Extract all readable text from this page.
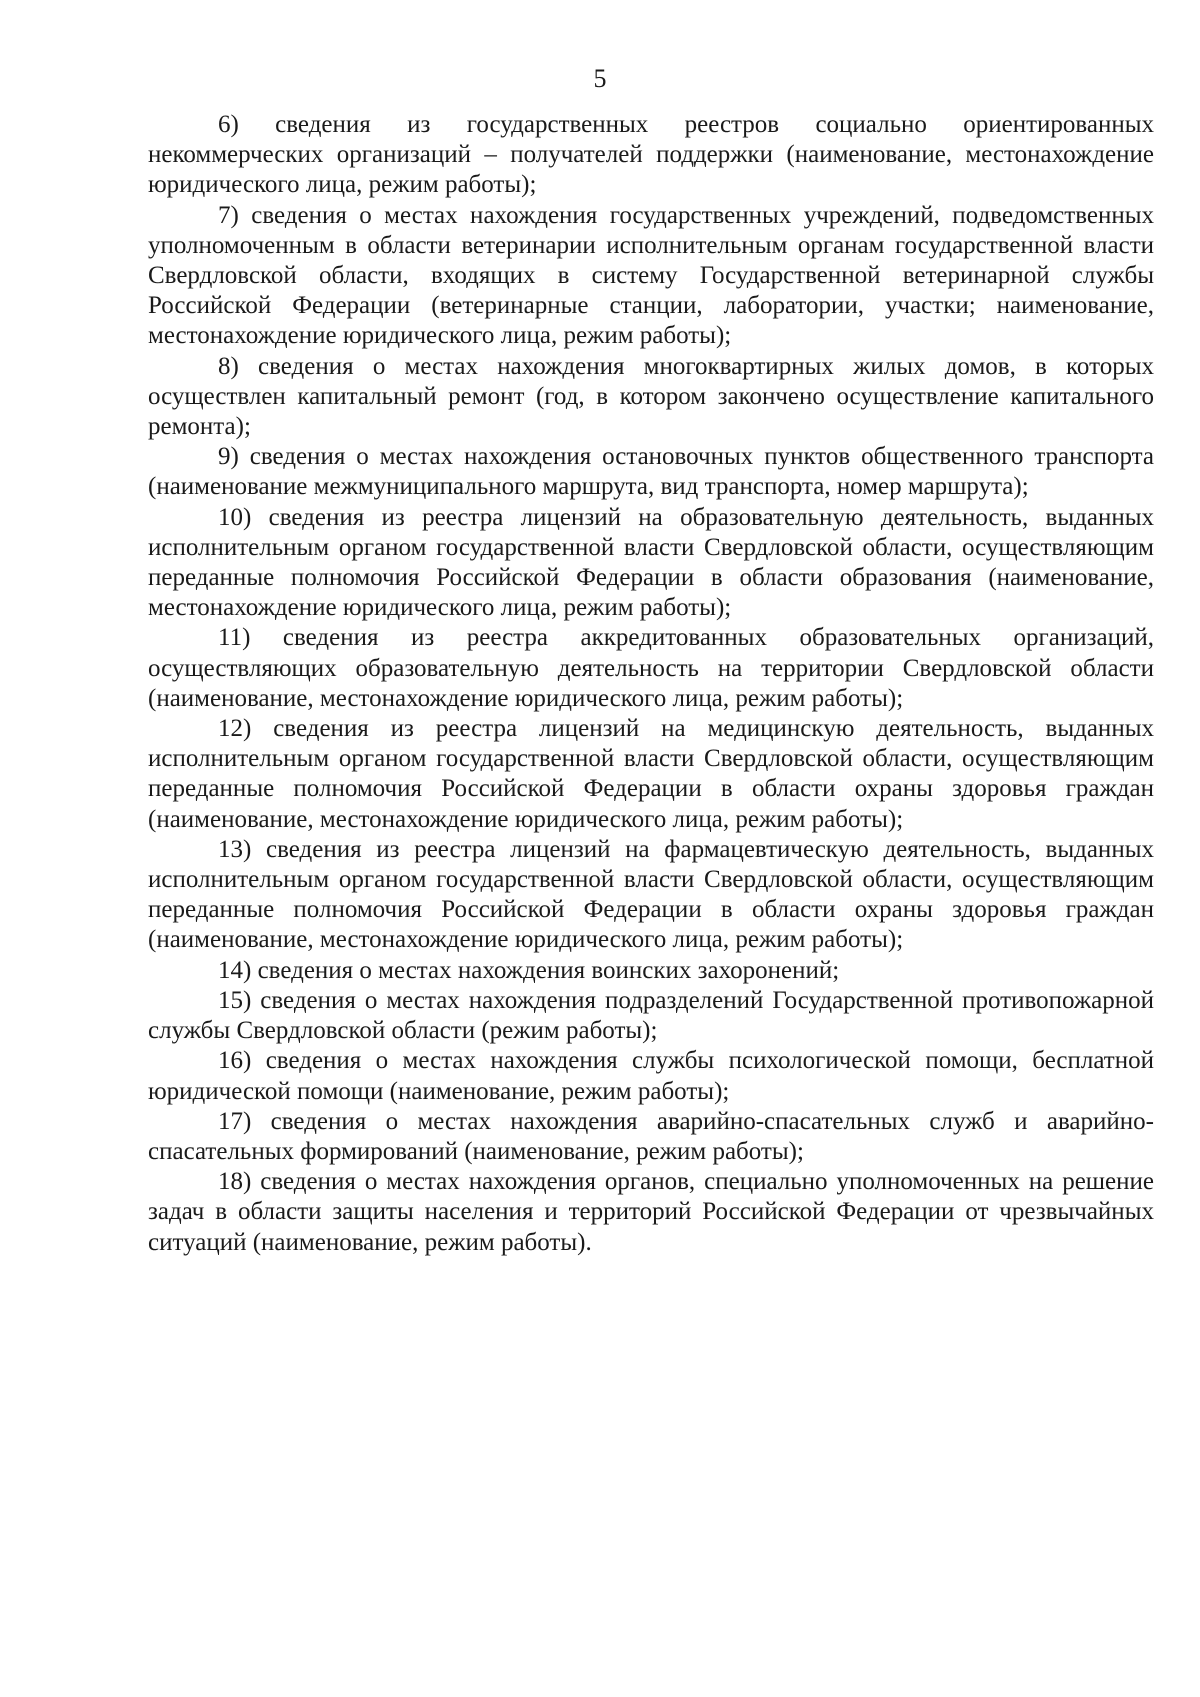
5

6) сведения из государственных реестров социально ориентированных некоммерческих организаций – получателей поддержки (наименование, местонахождение юридического лица, режим работы);

7) сведения о местах нахождения государственных учреждений, подведомственных уполномоченным в области ветеринарии исполнительным органам государственной власти Свердловской области, входящих в систему Государственной ветеринарной службы Российской Федерации (ветеринарные станции, лаборатории, участки; наименование, местонахождение юридического лица, режим работы);

8) сведения о местах нахождения многоквартирных жилых домов, в которых осуществлен капитальный ремонт (год, в котором закончено осуществление капитального ремонта);

9) сведения о местах нахождения остановочных пунктов общественного транспорта (наименование межмуниципального маршрута, вид транспорта, номер маршрута);

10) сведения из реестра лицензий на образовательную деятельность, выданных исполнительным органом государственной власти Свердловской области, осуществляющим переданные полномочия Российской Федерации в области образования (наименование, местонахождение юридического лица, режим работы);

11) сведения из реестра аккредитованных образовательных организаций, осуществляющих образовательную деятельность на территории Свердловской области (наименование, местонахождение юридического лица, режим работы);

12) сведения из реестра лицензий на медицинскую деятельность, выданных исполнительным органом государственной власти Свердловской области, осуществляющим переданные полномочия Российской Федерации в области охраны здоровья граждан (наименование, местонахождение юридического лица, режим работы);

13) сведения из реестра лицензий на фармацевтическую деятельность, выданных исполнительным органом государственной власти Свердловской области, осуществляющим переданные полномочия Российской Федерации в области охраны здоровья граждан (наименование, местонахождение юридического лица, режим работы);

14) сведения о местах нахождения воинских захоронений;

15) сведения о местах нахождения подразделений Государственной противопожарной службы Свердловской области (режим работы);

16) сведения о местах нахождения службы психологической помощи, бесплатной юридической помощи (наименование, режим работы);

17) сведения о местах нахождения аварийно-спасательных служб и аварийно-спасательных формирований (наименование, режим работы);

18) сведения о местах нахождения органов, специально уполномоченных на решение задач в области защиты населения и территорий Российской Федерации от чрезвычайных ситуаций (наименование, режим работы).
